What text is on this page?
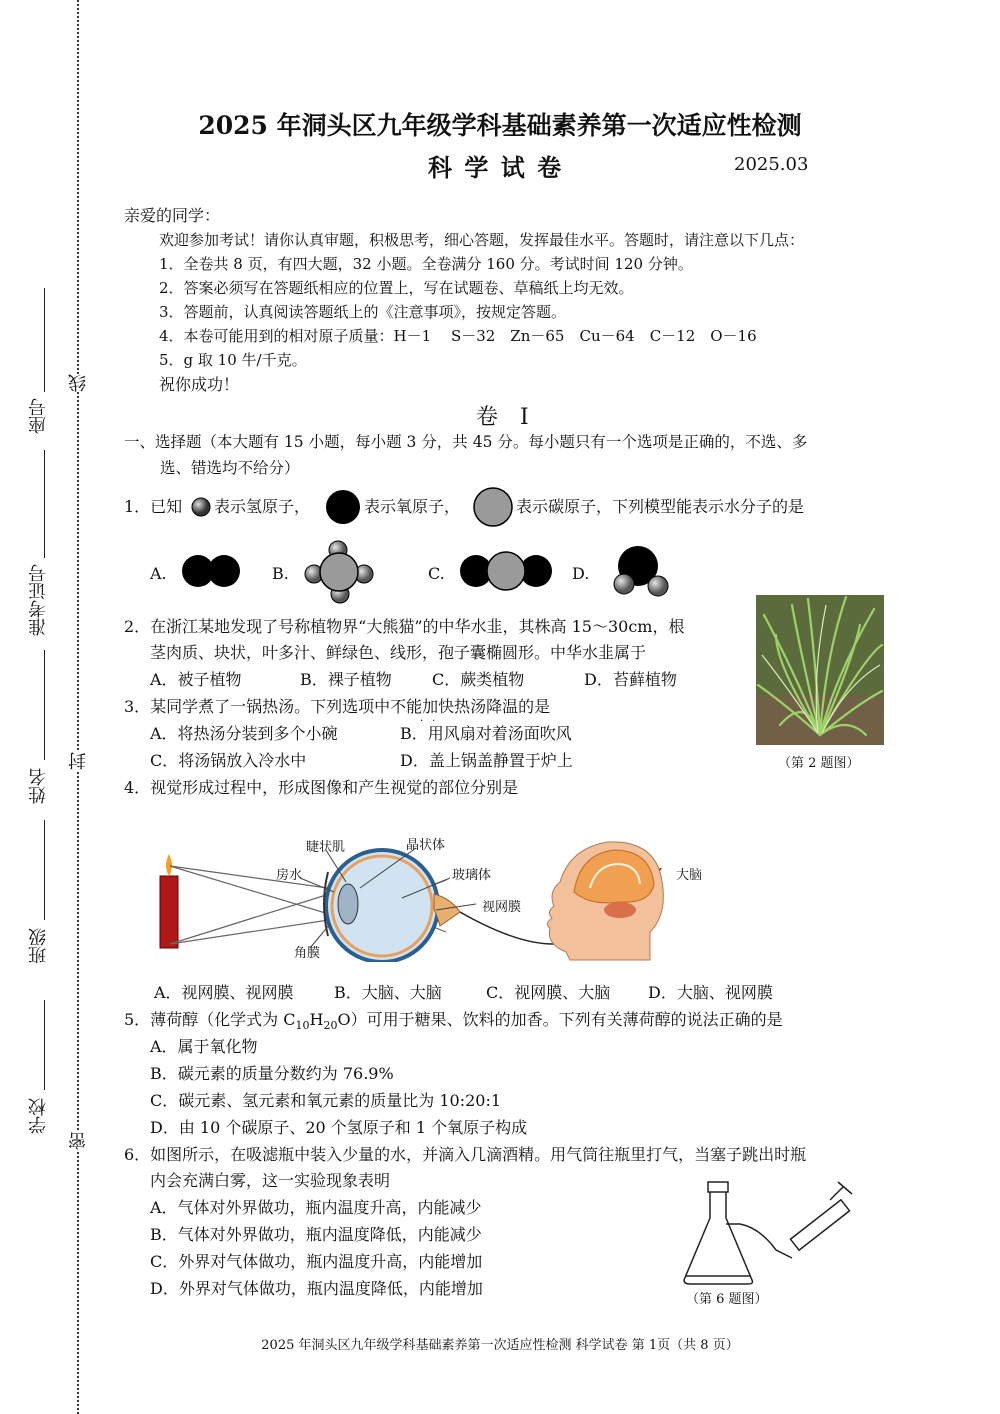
学校
班级
姓名
准考证号
座号
密
封
线
2025 年洞头区九年级学科基础素养第一次适应性检测
科 学 试 卷	2025.03
亲爱的同学：
欢迎参加考试！请你认真审题，积极思考，细心答题，发挥最佳水平。答题时，请注意以下几点：
1．全卷共 8 页，有四大题，32 小题。全卷满分 160 分。考试时间 120 分钟。
2．答案必须写在答题纸相应的位置上，写在试题卷、草稿纸上均无效。
3．答题前，认真阅读答题纸上的《注意事项》，按规定答题。
4．本卷可能用到的相对原子质量：H－1　 S－32　Zn－65　Cu－64　C－12　O－16
5．g 取 10 牛/千克。
祝你成功！
卷　I
一、选择题（本大题有 15 小题，每小题 3 分，共 45 分。每小题只有一个选项是正确的，不选、多
选、错选均不给分）
1．已知 表示氢原子，	表示氧原子，	表示碳原子，下列模型能表示水分子的是
A.	B.	C.	D.
2．在浙江某地发现了号称植物界“大熊猫”的中华水韭，其株高 15～30cm，根
茎肉质、块状，叶多汁、鲜绿色、线形，孢子囊椭圆形。中华水韭属于
A．被子植物	B．裸子植物	C．蕨类植物	D．苔藓植物
（第 2 题图）
3．某同学煮了一锅热汤。下列选项中不能加快热汤降温的是
··
A．将热汤分装到多个小碗	B．用风扇对着汤面吹风
C．将汤锅放入冷水中	D．盖上锅盖静置于炉上
4．视觉形成过程中，形成图像和产生视觉的部位分别是
睫状肌	晶状体
房水	玻璃体
视网膜
角膜
大脑
A．视网膜、视网膜	B．大脑、大脑	C．视网膜、大脑 D．大脑、视网膜
5．薄荷醇（化学式为 $C_{10}H_{20}O$）可用于糖果、饮料的加香。下列有关薄荷醇的说法正确的是
A．属于氧化物
B．碳元素的质量分数约为 76.9%
C．碳元素、氢元素和氧元素的质量比为 10:20:1
D．由 10 个碳原子、20 个氢原子和 1 个氧原子构成
6．如图所示，在吸滤瓶中装入少量的水，并滴入几滴酒精。用气筒往瓶里打气，当塞子跳出时瓶
内会充满白雾，这一实验现象表明
A．气体对外界做功，瓶内温度升高，内能减少
B．气体对外界做功，瓶内温度降低，内能减少
C．外界对气体做功，瓶内温度升高，内能增加
D．外界对气体做功，瓶内温度降低，内能增加
（第 6 题图）
2025 年洞头区九年级学科基础素养第一次适应性检测 科学试卷 第 1页（共 8 页）
